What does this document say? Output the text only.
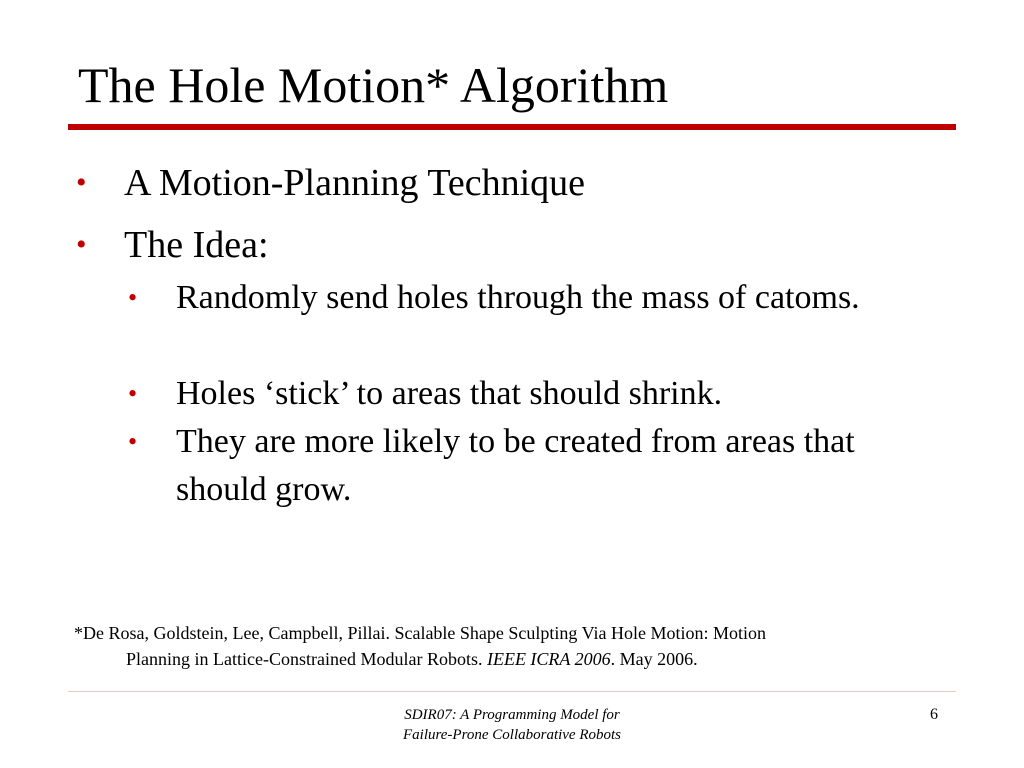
The Hole Motion* Algorithm
• A Motion-Planning Technique
• The Idea:
• Randomly send holes through the mass of catoms.
• Holes ‘stick’ to areas that should shrink.
• They are more likely to be created from areas that should grow.
*De Rosa, Goldstein, Lee, Campbell, Pillai. Scalable Shape Sculpting Via Hole Motion: Motion
Planning in Lattice-Constrained Modular Robots. IEEE ICRA 2006. May 2006.
SDIR07: A Programming Model for
Failure-Prone Collaborative Robots
6
